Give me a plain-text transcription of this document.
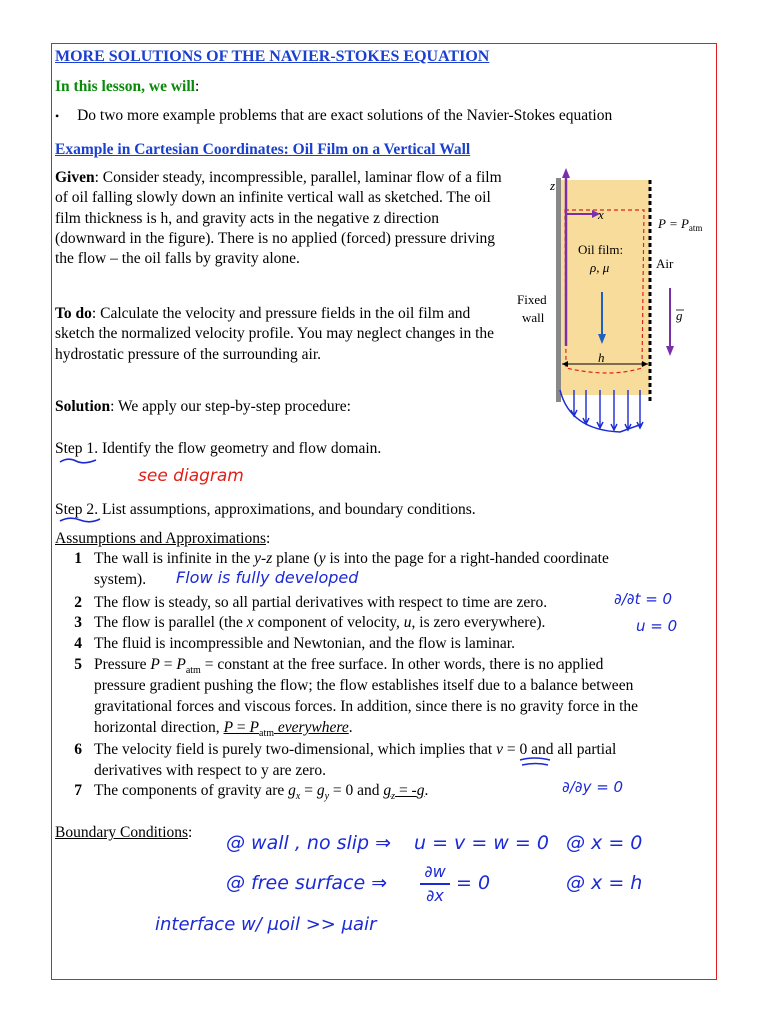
MORE SOLUTIONS OF THE NAVIER-STOKES EQUATION
In this lesson, we will:
• Do two more example problems that are exact solutions of the Navier-Stokes equation
Example in Cartesian Coordinates: Oil Film on a Vertical Wall
Given: Consider steady, incompressible, parallel, laminar flow of a film of oil falling slowly down an infinite vertical wall as sketched. The oil film thickness is h, and gravity acts in the negative z direction (downward in the figure). There is no applied (forced) pressure driving the flow – the oil falls by gravity alone.
To do: Calculate the velocity and pressure fields in the oil film and sketch the normalized velocity profile. You may neglect changes in the hydrostatic pressure of the surrounding air.
Solution: We apply our step-by-step procedure:
z
x
$P = P_{atm}$
Oil film:
ρ, μ	Air
Fixed
wall	g
h
Step 1. Identify the flow geometry and flow domain.
see diagram
Step 2. List assumptions, approximations, and boundary conditions.
Assumptions and Approximations:
1 The wall is infinite in the y-z plane (y is into the page for a right-handed coordinate
system). Flow is fully developed
2 The flow is steady, so all partial derivatives with respect to time are zero.	∂/∂t = 0
3 The flow is parallel (the x component of velocity, u, is zero everywhere).	u = 0
4 The fluid is incompressible and Newtonian, and the flow is laminar.
5 Pressure $P = P_{atm}$ = constant at the free surface. In other words, there is no applied
pressure gradient pushing the flow; the flow establishes itself due to a balance between
gravitational forces and viscous forces. In addition, since there is no gravity force in the
horizontal direction, $P = P_{atm}$ everywhere.
6 The velocity field is purely two-dimensional, which implies that v = 0 and all partial
derivatives with respect to y are zero.
∂/∂y = 0
7 The components of gravity are $g_x = g_y = 0$ and $g_z = -g$.
Boundary Conditions: @ wall , no slip ⇒ u = v = w = 0 @ x = 0
@ free surface ⇒
∂w
∂x
= 0	@ x = h
interface w/ μoil >> μair
